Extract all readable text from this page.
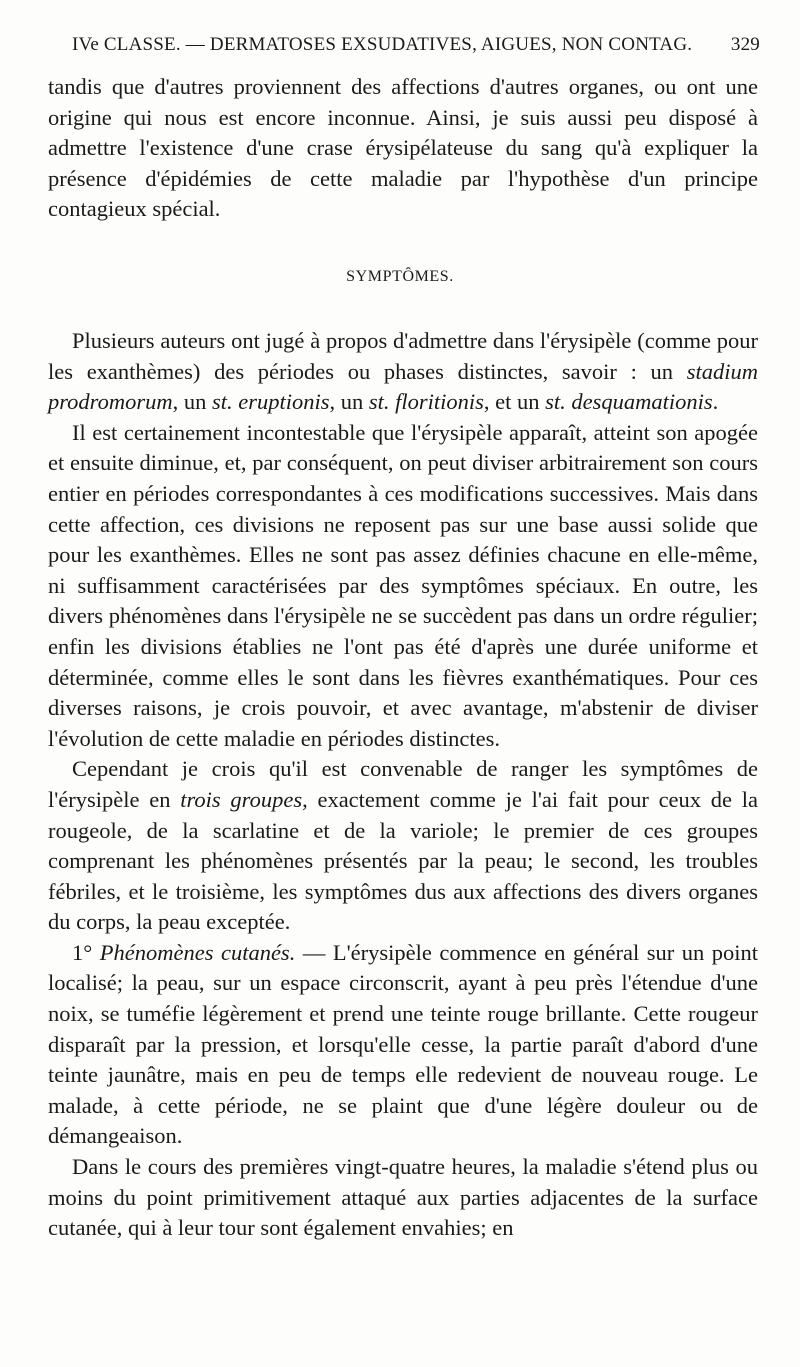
IVe CLASSE. — DERMATOSES EXSUDATIVES, AIGUES, NON CONTAG. 329

tandis que d'autres proviennent des affections d'autres organes, ou ont une origine qui nous est encore inconnue. Ainsi, je suis aussi peu disposé à admettre l'existence d'une crase érysipélateuse du sang qu'à expliquer la présence d'épidémies de cette maladie par l'hypothèse d'un principe contagieux spécial.

SYMPTÔMES.

Plusieurs auteurs ont jugé à propos d'admettre dans l'érysipèle (comme pour les exanthèmes) des périodes ou phases distinctes, savoir : un stadium prodromorum, un st. eruptionis, un st. floritionis, et un st. desquamationis.

Il est certainement incontestable que l'érysipèle apparaît, atteint son apogée et ensuite diminue, et, par conséquent, on peut diviser arbitrairement son cours entier en périodes correspondantes à ces modifications successives. Mais dans cette affection, ces divisions ne reposent pas sur une base aussi solide que pour les exanthèmes. Elles ne sont pas assez définies chacune en elle-même, ni suffisamment caractérisées par des symptômes spéciaux. En outre, les divers phénomènes dans l'érysipèle ne se succèdent pas dans un ordre régulier; enfin les divisions établies ne l'ont pas été d'après une durée uniforme et déterminée, comme elles le sont dans les fièvres exanthématiques. Pour ces diverses raisons, je crois pouvoir, et avec avantage, m'abstenir de diviser l'évolution de cette maladie en périodes distinctes.

Cependant je crois qu'il est convenable de ranger les symptômes de l'érysipèle en trois groupes, exactement comme je l'ai fait pour ceux de la rougeole, de la scarlatine et de la variole; le premier de ces groupes comprenant les phénomènes présentés par la peau; le second, les troubles fébriles, et le troisième, les symptômes dus aux affections des divers organes du corps, la peau exceptée.

1° Phénomènes cutanés. — L'érysipèle commence en général sur un point localisé; la peau, sur un espace circonscrit, ayant à peu près l'étendue d'une noix, se tuméfie légèrement et prend une teinte rouge brillante. Cette rougeur disparaît par la pression, et lorsqu'elle cesse, la partie paraît d'abord d'une teinte jaunâtre, mais en peu de temps elle redevient de nouveau rouge. Le malade, à cette période, ne se plaint que d'une légère douleur ou de démangeaison.

Dans le cours des premières vingt-quatre heures, la maladie s'étend plus ou moins du point primitivement attaqué aux parties adjacentes de la surface cutanée, qui à leur tour sont également envahies; en
